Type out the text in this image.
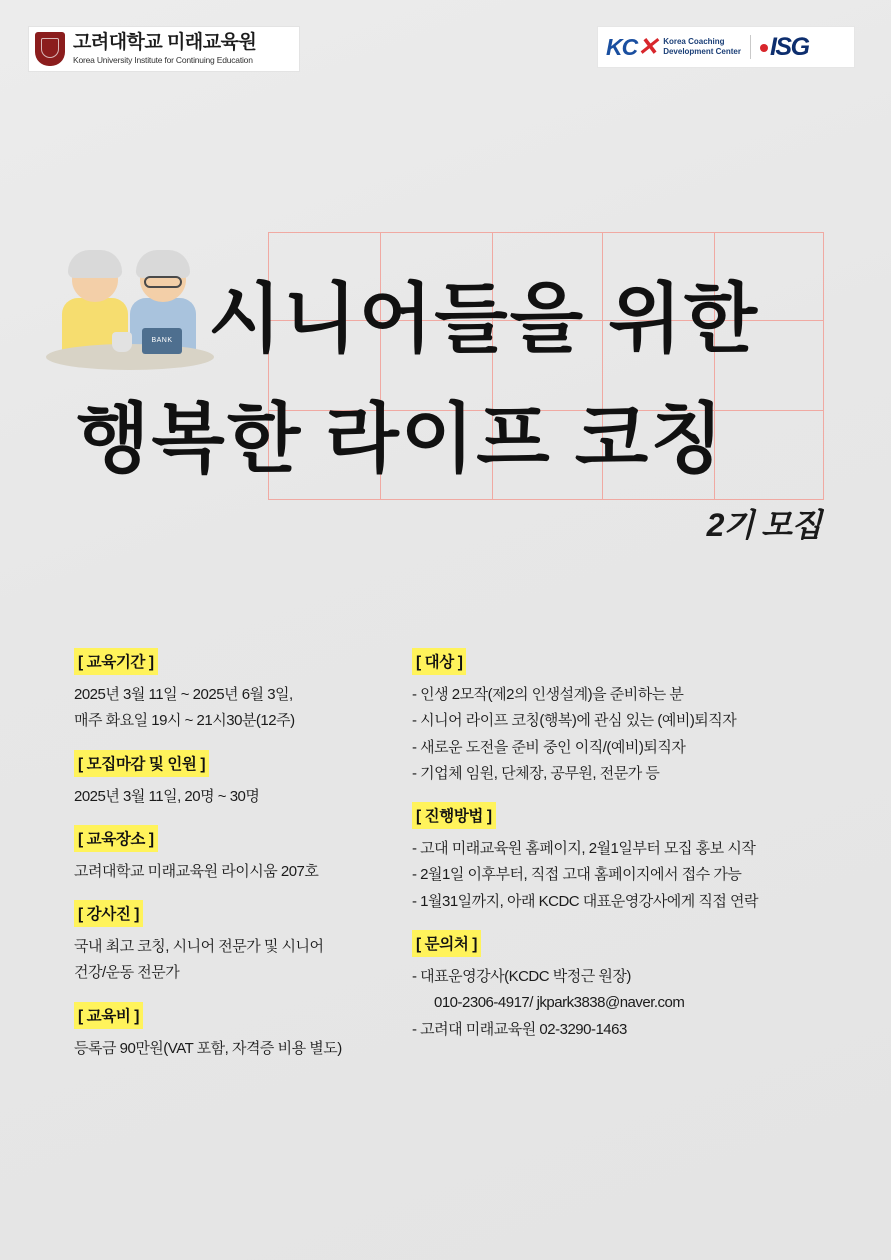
고려대학교 미래교육원
Korea University Institute for Continuing Education
KC✕ Korea Coaching
Development Center	ISG
BANK 시니어들을 위한
행복한 라이프 코칭
2기 모집
[ 교육기간 ]

2025년 3월 11일 ~ 2025년 6월 3일,

매주 화요일 19시 ~ 21시30분(12주)

[ 모집마감 및 인원 ]

2025년 3월 11일, 20명 ~ 30명

[ 교육장소 ]

고려대학교 미래교육원 라이시움 207호

[ 강사진 ]

국내 최고 코칭, 시니어 전문가 및 시니어

건강/운동 전문가

[ 교육비 ]

등록금 90만원(VAT 포함, 자격증 비용 별도)

[ 대상 ]

- 인생 2모작(제2의 인생설계)을 준비하는 분

- 시니어 라이프 코칭(행복)에 관심 있는 (예비)퇴직자

- 새로운 도전을 준비 중인 이직/(예비)퇴직자

- 기업체 임원, 단체장, 공무원, 전문가 등

[ 진행방법 ]

- 고대 미래교육원 홈페이지, 2월1일부터 모집 홍보 시작

- 2월1일 이후부터, 직접 고대 홈페이지에서 접수 가능

- 1월31일까지, 아래 KCDC 대표운영강사에게 직접 연락

[ 문의처 ]

- 대표운영강사(KCDC 박정근 원장)

010-2306-4917/ jkpark3838@naver.com

- 고려대 미래교육원 02-3290-1463
